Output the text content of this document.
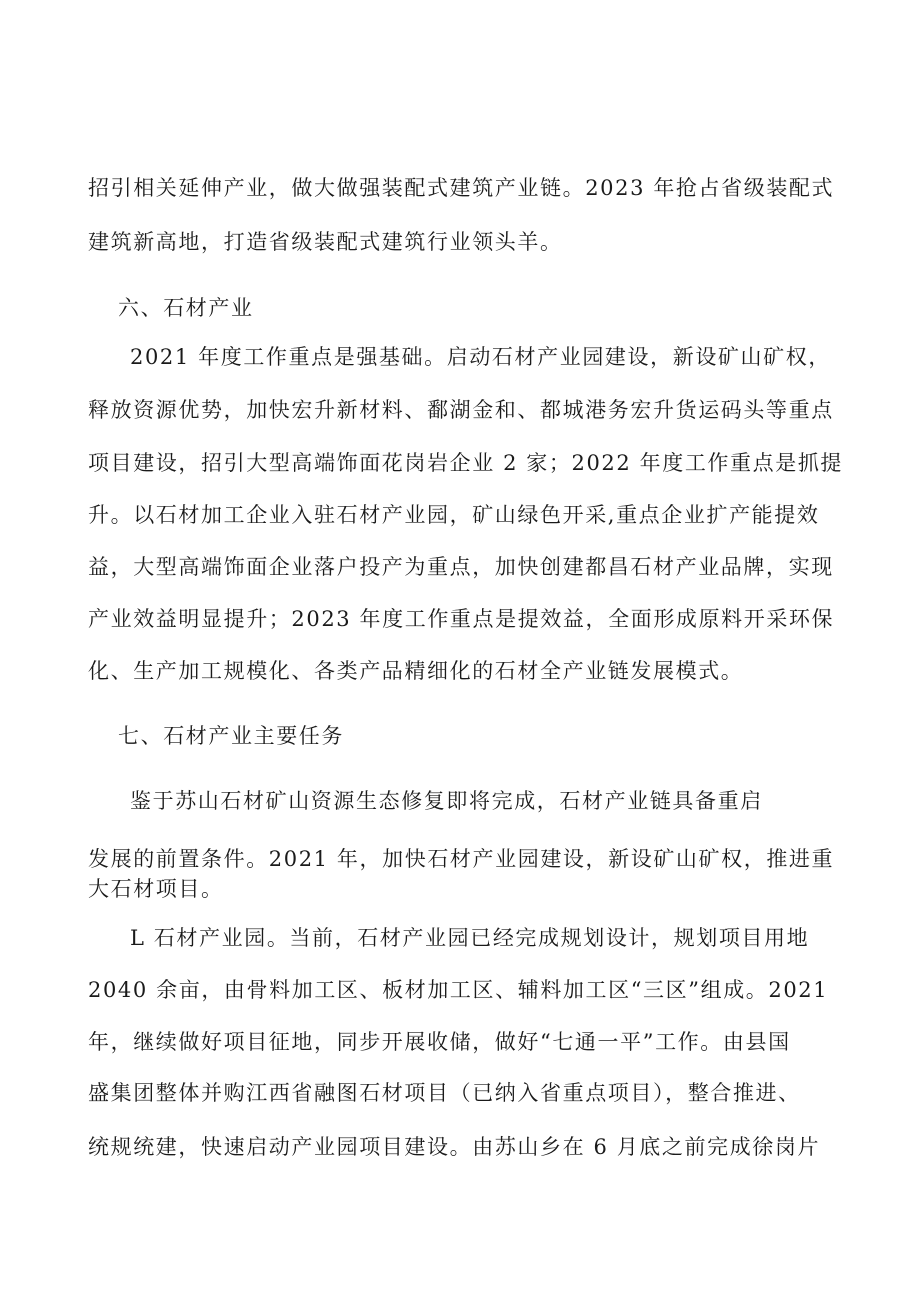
招引相关延伸产业，做大做强装配式建筑产业链。2023 年抢占省级装配式
建筑新高地，打造省级装配式建筑行业领头羊。
六、石材产业
2021 年度工作重点是强基础。启动石材产业园建设，新设矿山矿权，
释放资源优势，加快宏升新材料、鄱湖金和、都城港务宏升货运码头等重点
项目建设，招引大型高端饰面花岗岩企业 2 家；2022 年度工作重点是抓提
升。以石材加工企业入驻石材产业园，矿山绿色开采,重点企业扩产能提效
益，大型高端饰面企业落户投产为重点，加快创建都昌石材产业品牌，实现
产业效益明显提升；2023 年度工作重点是提效益，全面形成原料开采环保
化、生产加工规模化、各类产品精细化的石材全产业链发展模式。
七、石材产业主要任务
鉴于苏山石材矿山资源生态修复即将完成，石材产业链具备重启
发展的前置条件。2021 年，加快石材产业园建设，新设矿山矿权，推进重
大石材项目。
L 石材产业园。当前，石材产业园已经完成规划设计，规划项目用地
2040 余亩，由骨料加工区、板材加工区、辅料加工区“三区”组成。2021
年，继续做好项目征地，同步开展收储，做好“七通一平”工作。由县国
盛集团整体并购江西省融图石材项目（已纳入省重点项目），整合推进、
统规统建，快速启动产业园项目建设。由苏山乡在 6 月底之前完成徐岗片
